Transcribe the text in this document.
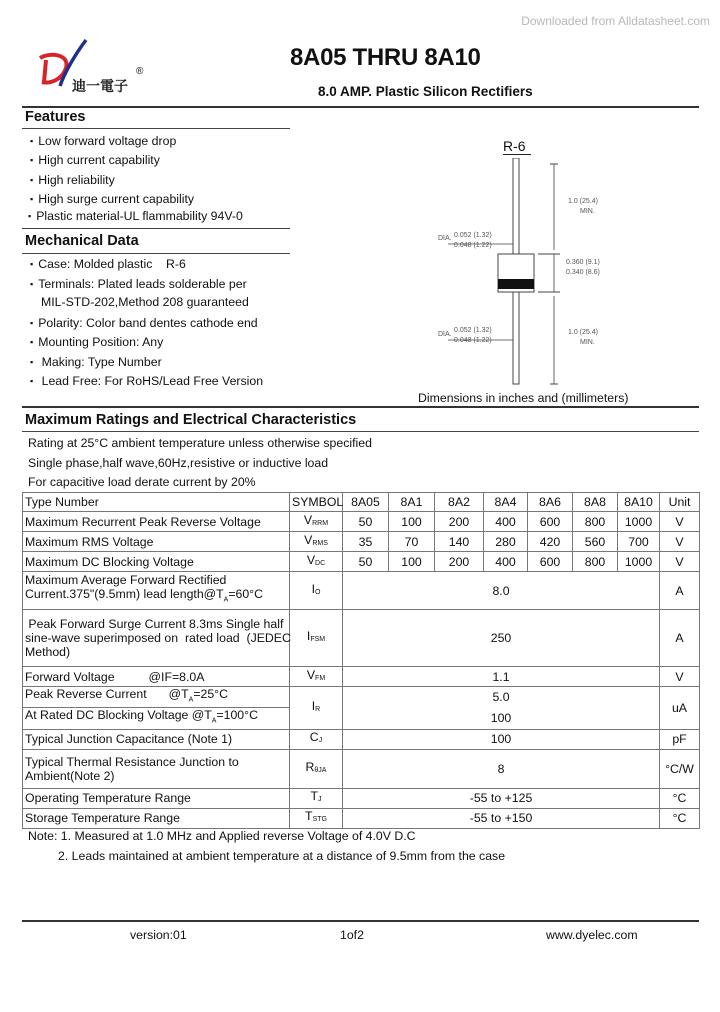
Downloaded from Alldatasheet.com
迪一電子
®
8A05 THRU 8A10
8.0 AMP. Plastic Silicon Rectifiers
Features
▪ Low forward voltage drop
▪ High current capability
▪ High reliability
▪ High surge current capability
▪ Plastic material-UL flammability 94V-0
Mechanical Data
▪ Case: Molded plastic    R-6
▪ Terminals: Plated leads solderable per
MIL-STD-202,Method 208 guaranteed
▪ Polarity: Color band dentes cathode end
▪ Mounting Position: Any
▪ Making: Type Number
▪ Lead Free: For RoHS/Lead Free Version
R-6
1.0 (25.4)
MIN.
DIA. 0.052 (1.32)
0.048 (1.22)
0.360 (9.1)
0.340 (8.6)
DIA.
0.052 (1.32)
0.048 (1.22)
1.0 (25.4)
MIN.
Dimensions in inches and (millimeters)
Maximum Ratings and Electrical Characteristics
Rating at 25°C ambient temperature unless otherwise specified
Single phase,half wave,60Hz,resistive or inductive load
For capacitive load derate current by 20%
Type Number	SYMBOL	8A05	8A1	8A2	8A4	8A6	8A8	8A10	Unit
Maximum Recurrent Peak Reverse Voltage	$V_{RRM}$	50	100	200	400	600	800	1000	V
Maximum RMS Voltage	$V_{RMS}$	35	70	140	280	420	560	700	V
Maximum DC Blocking Voltage	$V_{DC}$	50	100	200	400	600	800	1000	V

Maximum Average Forward Rectified
Current.375"(9.5mm) lead $length@T_A=60^\circ C$	$I_O$	8.0							A

Peak Forward Surge Current 8.3ms Single half
sine-wave superimposed on  rated load  (JEDEC
Method)	$I_{FSM}$	250							A
Forward Voltage @IF=8.0A	$V_{FM}$	1.1							V
Peak Reverse Current $@T_A=25^\circ C$	$I_R$	5.0							uA
At Rated DC Blocking Voltage $@T_A=100^\circ C$		100							
Typical Junction Capacitance (Note 1)	$C_J$	100							pF

Typical Thermal Resistance Junction to
Ambient(Note 2)	$R_{\theta JA}$	8							°C/W
Operating Temperature Range	$T_J$	-55 to +125							°C
Storage Temperature Range	$T_{STG}$	-55 to +150							°C
Note: 1. Measured at 1.0 MHz and Applied reverse Voltage of 4.0V D.C
2. Leads maintained at ambient temperature at a distance of 9.5mm from the case
version:01	1of2	www.dyelec.com
